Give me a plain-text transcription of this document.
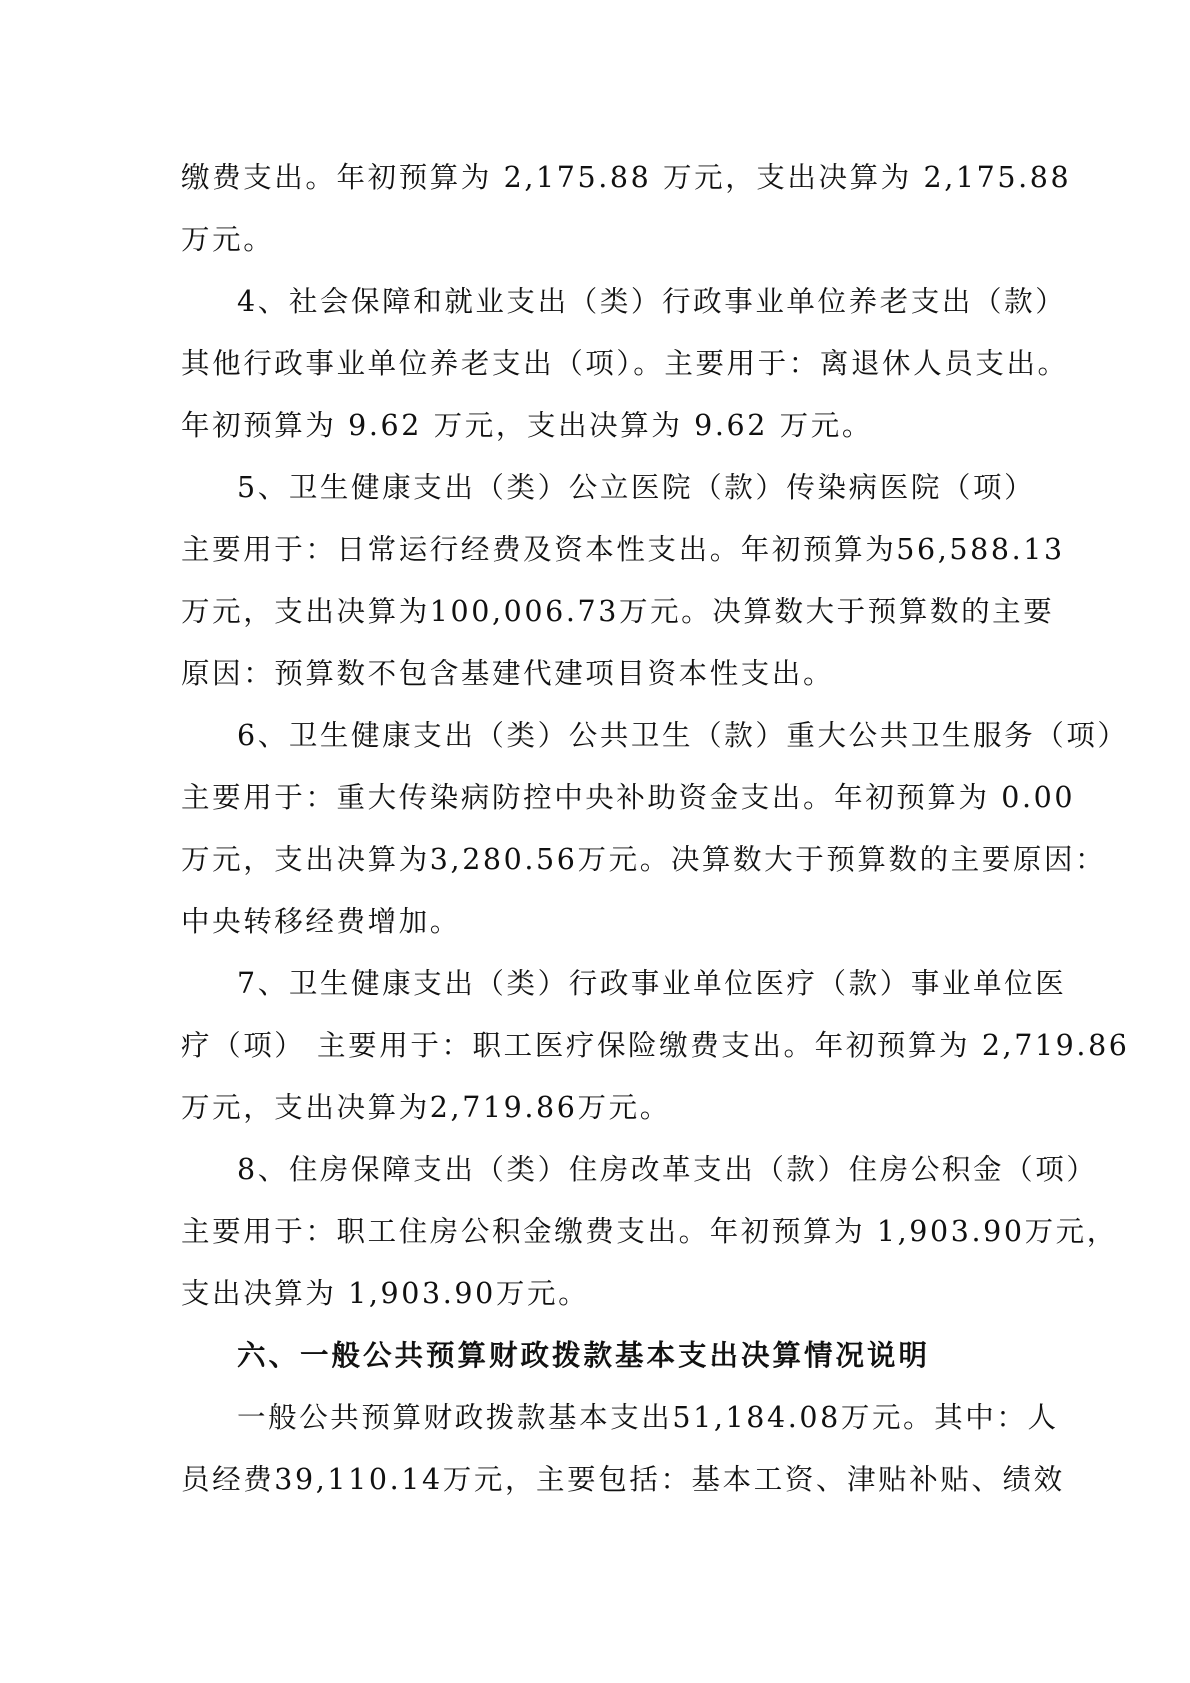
缴费支出。年初预算为 2,175.88 万元，支出决算为 2,175.88
万元。
4、社会保障和就业支出（类）行政事业单位养老支出（款）
其他行政事业单位养老支出（项）。主要用于：离退休人员支出。
年初预算为 9.62 万元，支出决算为 9.62 万元。
5、卫生健康支出（类）公立医院（款）传染病医院（项）
主要用于：日常运行经费及资本性支出。年初预算为56,588.13
万元，支出决算为100,006.73万元。决算数大于预算数的主要
原因：预算数不包含基建代建项目资本性支出。
6、卫生健康支出（类）公共卫生（款）重大公共卫生服务（项）
主要用于：重大传染病防控中央补助资金支出。年初预算为 0.00
万元，支出决算为3,280.56万元。决算数大于预算数的主要原因：
中央转移经费增加。
7、卫生健康支出（类）行政事业单位医疗（款）事业单位医
疗（项） 主要用于：职工医疗保险缴费支出。年初预算为 2,719.86
万元，支出决算为2,719.86万元。
8、住房保障支出（类）住房改革支出（款）住房公积金（项）
主要用于：职工住房公积金缴费支出。年初预算为 1,903.90万元，
支出决算为 1,903.90万元。
六、一般公共预算财政拨款基本支出决算情况说明
一般公共预算财政拨款基本支出51,184.08万元。其中：人
员经费39,110.14万元，主要包括：基本工资、津贴补贴、绩效
